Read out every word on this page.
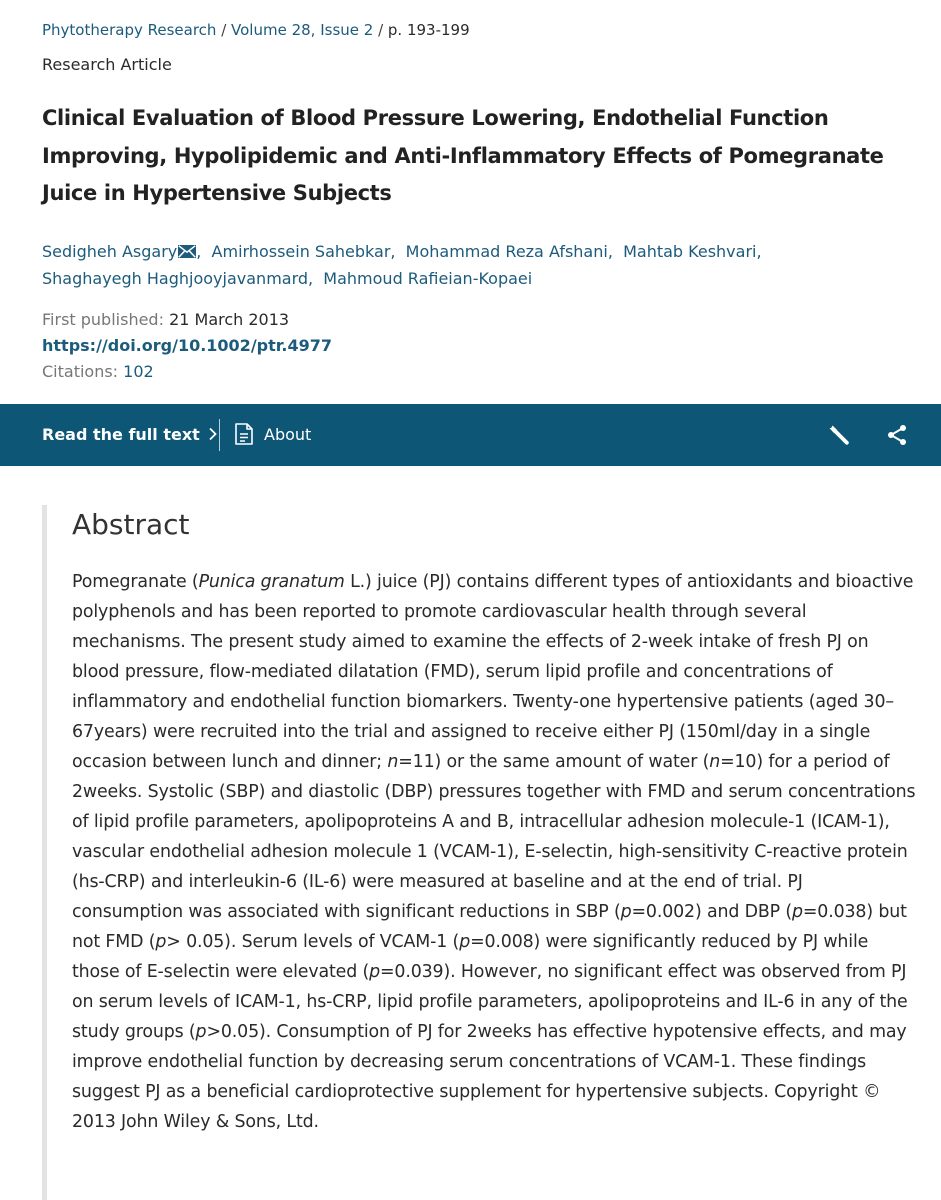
Phytotherapy Research / Volume 28, Issue 2 / p. 193-199
Research Article
Clinical Evaluation of Blood Pressure Lowering, Endothelial Function Improving, Hypolipidemic and Anti-Inflammatory Effects of Pomegranate Juice in Hypertensive Subjects
Sedigheh Asgary ,  Amirhossein Sahebkar,  Mohammad Reza Afshani,  Mahtab Keshvari,
Shaghayegh Haghjooyjavanmard,  Mahmoud Rafieian-Kopaei
First published: 21 March 2013
https://doi.org/10.1002/ptr.4977
Citations: 102
Read the full text	About
Abstract

Pomegranate (Punica granatum L.) juice (PJ) contains different types of antioxidants and bioactive polyphenols and has been reported to promote cardiovascular health through several mechanisms. The present study aimed to examine the effects of 2-week intake of fresh PJ on blood pressure, flow-mediated dilatation (FMD), serum lipid profile and concentrations of inflammatory and endothelial function biomarkers. Twenty-one hypertensive patients (aged 30–67years) were recruited into the trial and assigned to receive either PJ (150ml/day in a single occasion between lunch and dinner; n=11) or the same amount of water (n=10) for a period of 2weeks. Systolic (SBP) and diastolic (DBP) pressures together with FMD and serum concentrations of lipid profile parameters, apolipoproteins A and B, intracellular adhesion molecule-1 (ICAM-1), vascular endothelial adhesion molecule 1 (VCAM-1), E-selectin, high-sensitivity C-reactive protein (hs-CRP) and interleukin-6 (IL-6) were measured at baseline and at the end of trial. PJ consumption was associated with significant reductions in SBP (p=0.002) and DBP (p=0.038) but not FMD (p> 0.05). Serum levels of VCAM-1 (p=0.008) were significantly reduced by PJ while those of E-selectin were elevated (p=0.039). However, no significant effect was observed from PJ on serum levels of ICAM-1, hs-CRP, lipid profile parameters, apolipoproteins and IL-6 in any of the study groups (p>0.05). Consumption of PJ for 2weeks has effective hypotensive effects, and may improve endothelial function by decreasing serum concentrations of VCAM-1. These findings suggest PJ as a beneficial cardioprotective supplement for hypertensive subjects. Copyright © 2013 John Wiley & Sons, Ltd.
